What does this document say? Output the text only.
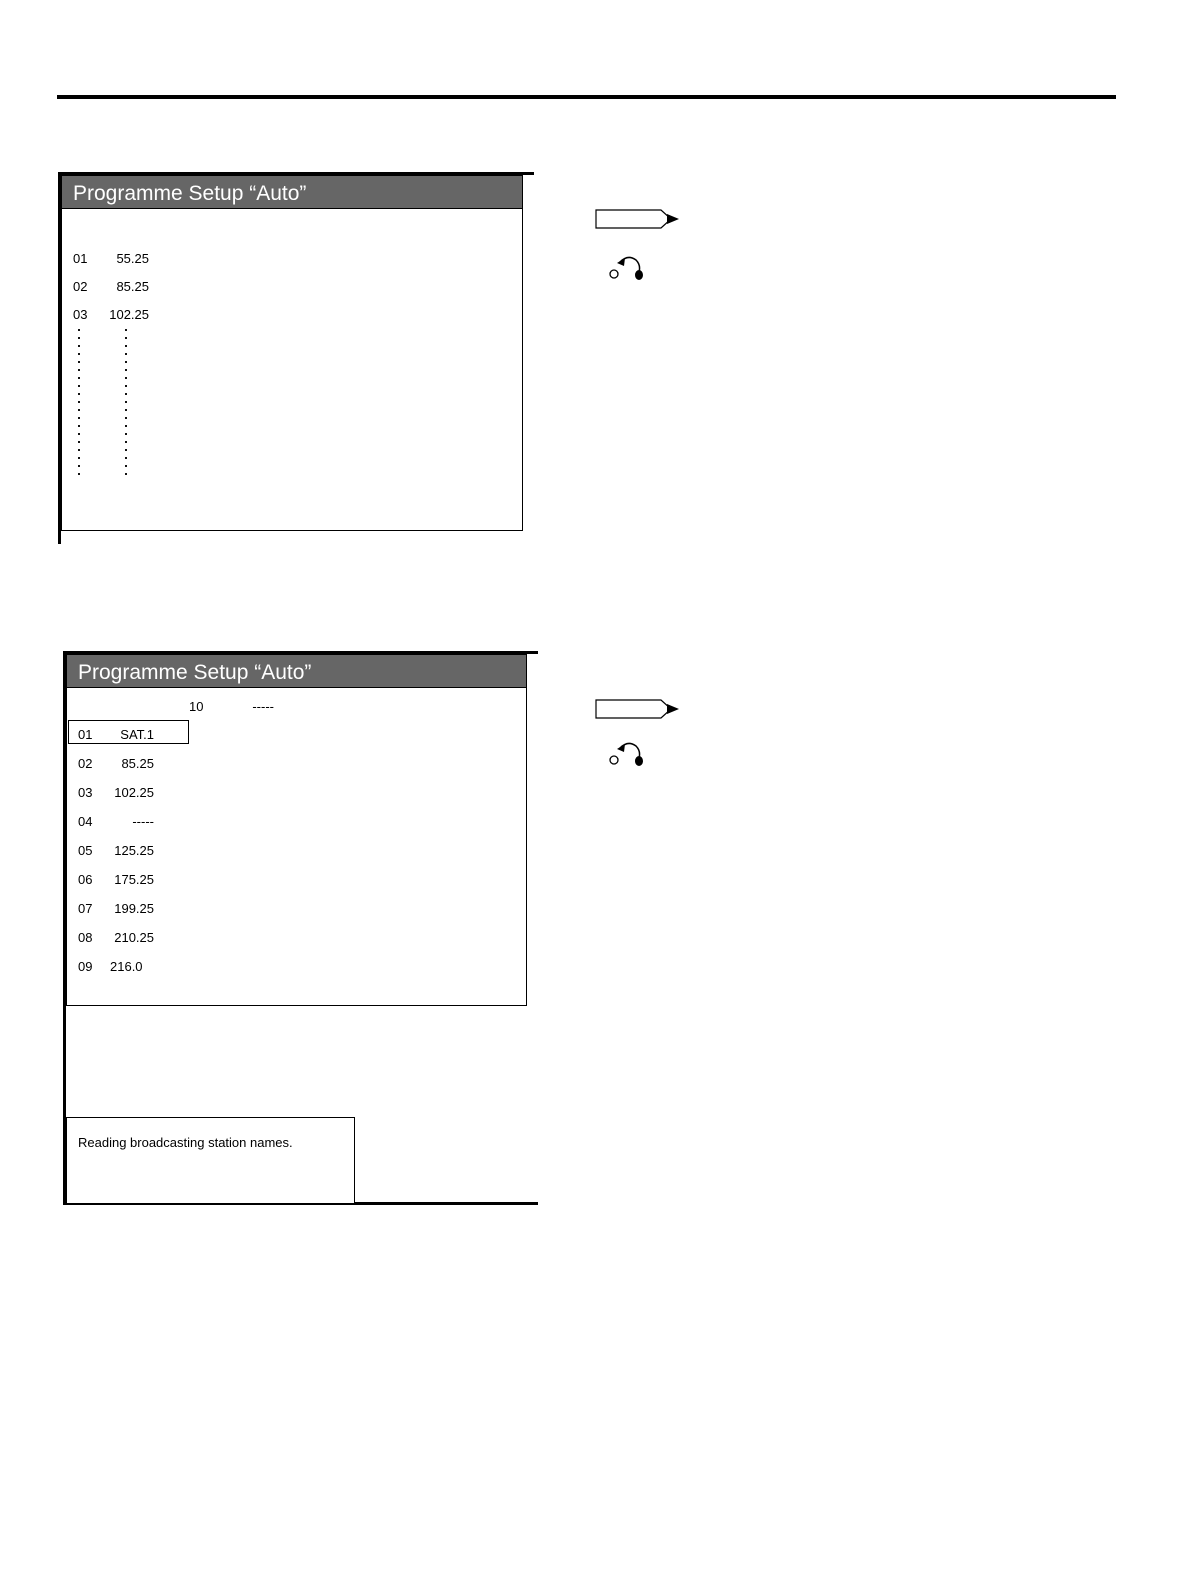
Programme Setup “Auto”
01 55.25
02 85.25
03 102.25
Programme Setup “Auto”
10	-----
01 SAT.1
02 85.25
03 102.25
04	-----
05 125.25
06 175.25
07 199.25
08 210.25
09 216.0
Reading broadcasting station names.
